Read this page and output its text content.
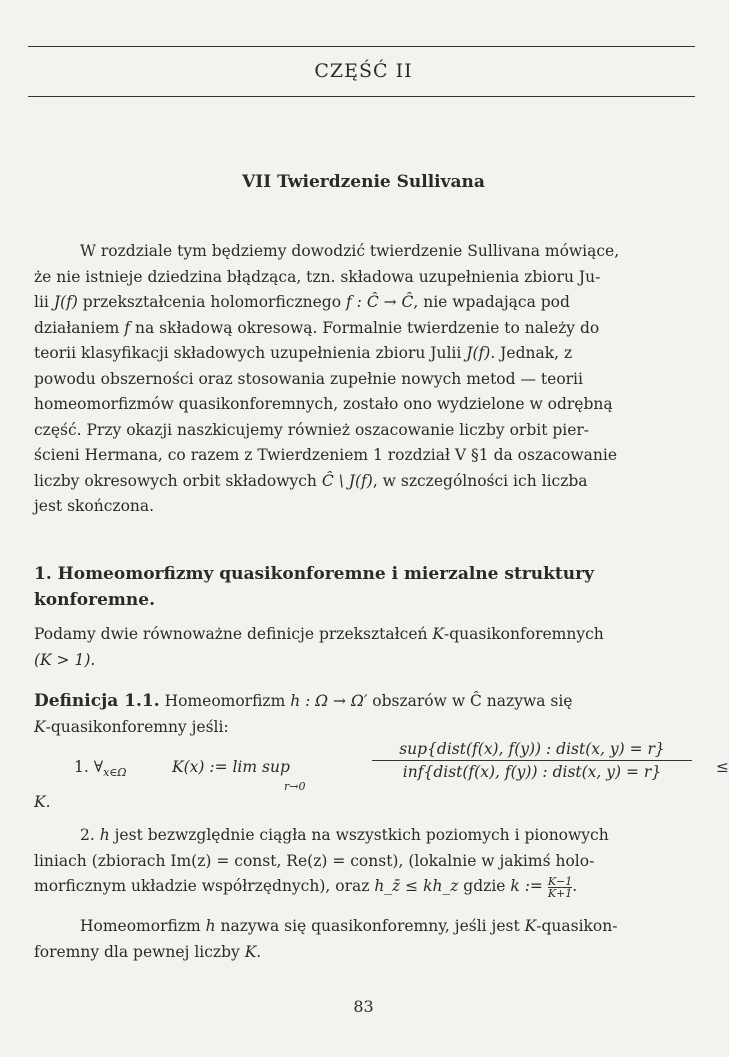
CZĘŚĆ II
VII Twierdzenie Sullivana
W rozdziale tym będziemy dowodzić twierdzenie Sullivana mówiące,
że nie istnieje dziedzina błądząca, tzn. składowa uzupełnienia zbioru Ju-
lii J(f) przekształcenia holomorficznego f : Ĉ → Ĉ, nie wpadająca pod
działaniem f na składową okresową. Formalnie twierdzenie to należy do
teorii klasyfikacji składowych uzupełnienia zbioru Julii J(f). Jednak, z
powodu obszerności oraz stosowania zupełnie nowych metod — teorii
homeomorfizmów quasikonforemnych, zostało ono wydzielone w odrębną
część. Przy okazji naszkicujemy również oszacowanie liczby orbit pier-
ścieni Hermana, co razem z Twierdzeniem 1 rozdział V §1 da oszacowanie
liczby okresowych orbit składowych Ĉ \ J(f), w szczególności ich liczba
jest skończona.
1. Homeomorfizmy quasikonforemne i mierzalne struktury
konforemne.
Podamy dwie równoważne definicje przekształceń K-quasikonforemnych
(K > 1).
Definicja 1.1. Homeomorfizm h : Ω → Ω′ obszarów w Ĉ nazywa się
K-quasikonforemny jeśli:
1. $\forall_{x\in\Omega}$	K(x) := lim sup
r→0
sup{dist(f(x), f(y)) : dist(x, y) = r}
inf{dist(f(x), f(y)) : dist(x, y) = r}	≤
K.
2. h jest bezwzględnie ciągła na wszystkich poziomych i pionowych
liniach (zbiorach Im(z) = const, Re(z) = const), (lokalnie w jakimś holo-
morficznym układzie współrzędnych), oraz h_z̄ ≤ kh_z gdzie k := $\frac{K-1}{K+1}$ .
Homeomorfizm h nazywa się quasikonforemny, jeśli jest K-quasikon-
foremny dla pewnej liczby K.
83
